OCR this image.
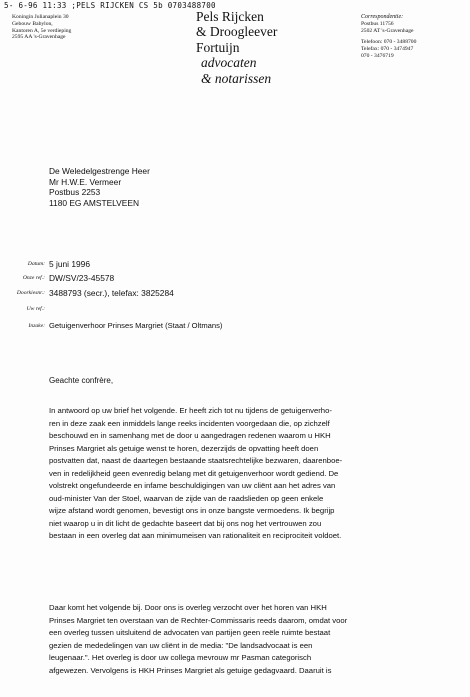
5- 6-96 11:33 ;PELS RIJCKEN CS 5b 0703488700
Koningin Julianaplein 30
Gebouw Babylon,
Kantoren A, 5e verdieping
2595 AA 's-Gravenhage
Pels Rijcken
& Droogleever
Fortuijn
advocaten
& notarissen
Correspondentie:
Postbus 11756
2502 AT 's-Gravenhage
Telefoon: 070 - 3488700
Telefax: 070 - 3474947
070 - 3476719
De Weledelgestrenge Heer
Mr H.W.E. Vermeer
Postbus 2253
1180 EG AMSTELVEEN
Datum: 5 juni 1996
Onze ref.: DW/SV/23-45578
Doorkiesnr.: 3488793 (secr.), telefax: 3825284
Uw ref.:
Inzake: Getuigenverhoor Prinses Margriet (Staat / Oltmans)
Geachte confrère,
In antwoord op uw brief het volgende. Er heeft zich tot nu tijdens de getuigenverho-
ren in deze zaak een inmiddels lange reeks incidenten voorgedaan die, op zichzelf
beschouwd en in samenhang met de door u aangedragen redenen waarom u HKH
Prinses Margriet als getuige wenst te horen, dezerzijds de opvatting heeft doen
postvatten dat, naast de daartegen bestaande staatsrechtelijke bezwaren, daarenboe-
ven in redelijkheid geen evenredig belang met dit getuigenverhoor wordt gediend. De
volstrekt ongefundeerde en infame beschuldigingen van uw cliënt aan het adres van
oud-minister Van der Stoel, waarvan de zijde van de raadslieden op geen enkele
wijze afstand wordt genomen, bevestigt ons in onze bangste vermoedens. Ik begrijp
niet waarop u in dit licht de gedachte baseert dat bij ons nog het vertrouwen zou
bestaan in een overleg dat aan minimumeisen van rationaliteit en reciprociteit voldoet.
Daar komt het volgende bij. Door ons is overleg verzocht over het horen van HKH
Prinses Margriet ten overstaan van de Rechter-Commissaris reeds daarom, omdat voor
een overleg tussen uitsluitend de advocaten van partijen geen reële ruimte bestaat
gezien de mededelingen van uw cliënt in de media: "De landsadvocaat is een
leugenaar.". Het overleg is door uw collega mevrouw mr Pasman categorisch
afgewezen. Vervolgens is HKH Prinses Margriet als getuige gedagvaard. Daaruit is
